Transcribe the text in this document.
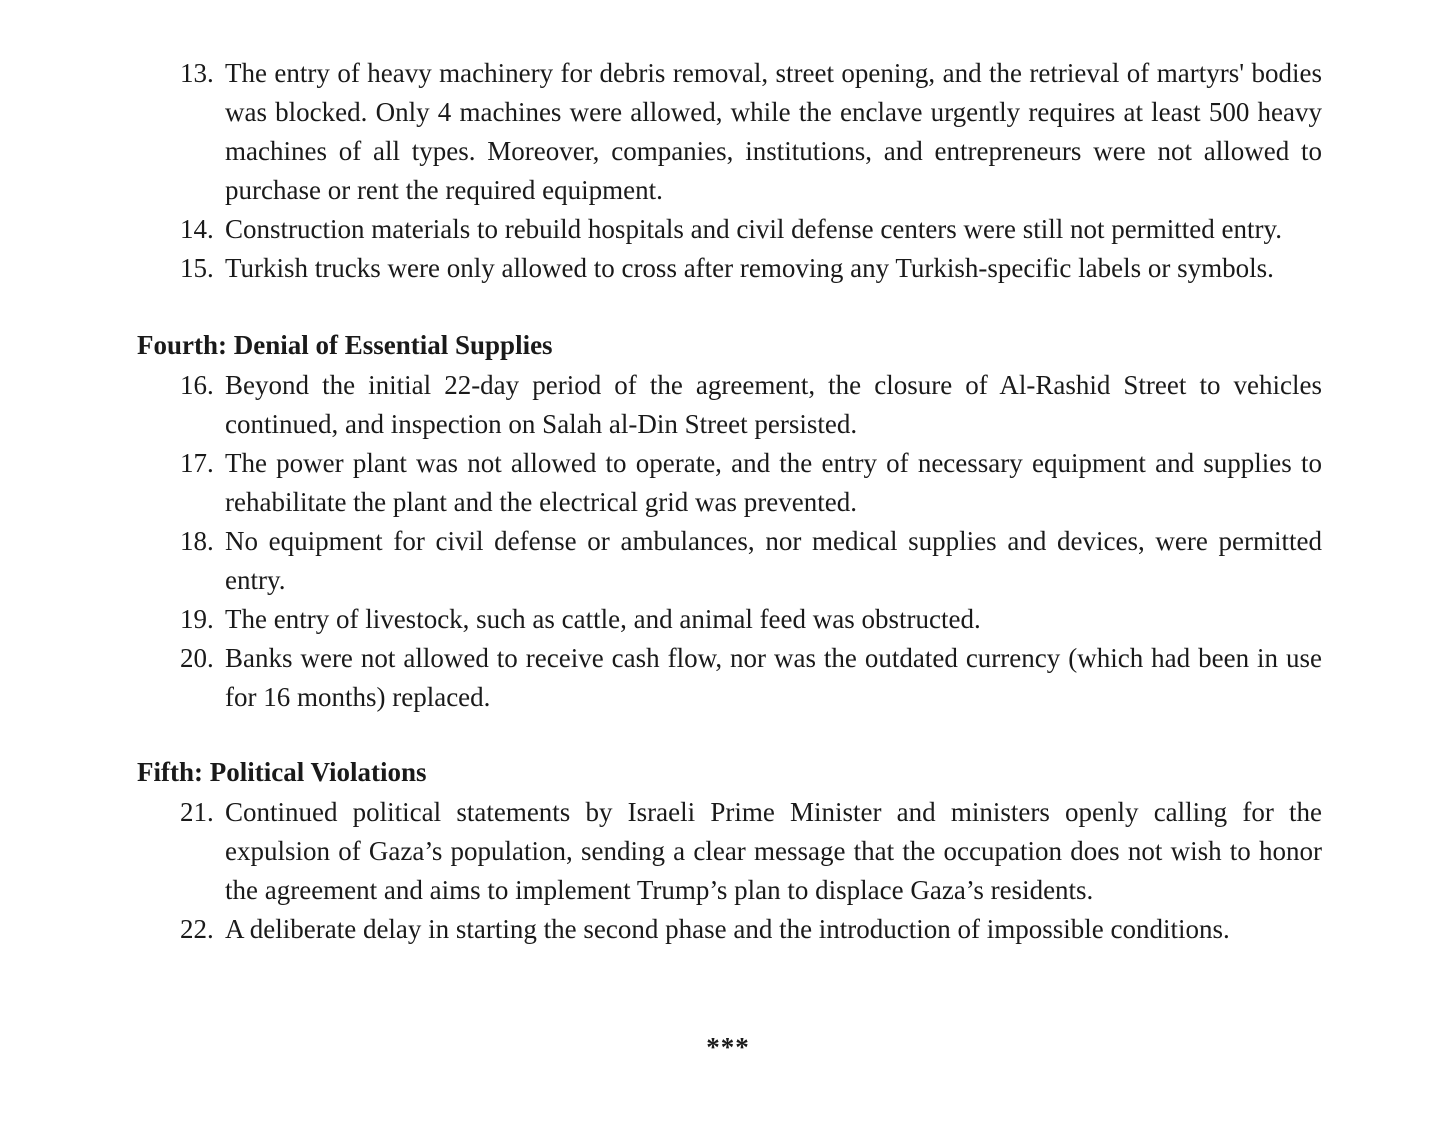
13. The entry of heavy machinery for debris removal, street opening, and the retrieval of martyrs' bodies was blocked. Only 4 machines were allowed, while the enclave urgently requires at least 500 heavy machines of all types. Moreover, companies, institutions, and entrepreneurs were not allowed to purchase or rent the required equipment.
14. Construction materials to rebuild hospitals and civil defense centers were still not permitted entry.
15. Turkish trucks were only allowed to cross after removing any Turkish-specific labels or symbols.
Fourth: Denial of Essential Supplies
16. Beyond the initial 22-day period of the agreement, the closure of Al-Rashid Street to vehicles continued, and inspection on Salah al-Din Street persisted.
17. The power plant was not allowed to operate, and the entry of necessary equipment and supplies to rehabilitate the plant and the electrical grid was prevented.
18. No equipment for civil defense or ambulances, nor medical supplies and devices, were permitted entry.
19. The entry of livestock, such as cattle, and animal feed was obstructed.
20. Banks were not allowed to receive cash flow, nor was the outdated currency (which had been in use for 16 months) replaced.
Fifth: Political Violations
21. Continued political statements by Israeli Prime Minister and ministers openly calling for the expulsion of Gaza’s population, sending a clear message that the occupation does not wish to honor the agreement and aims to implement Trump’s plan to displace Gaza’s residents.
22. A deliberate delay in starting the second phase and the introduction of impossible conditions.
***
